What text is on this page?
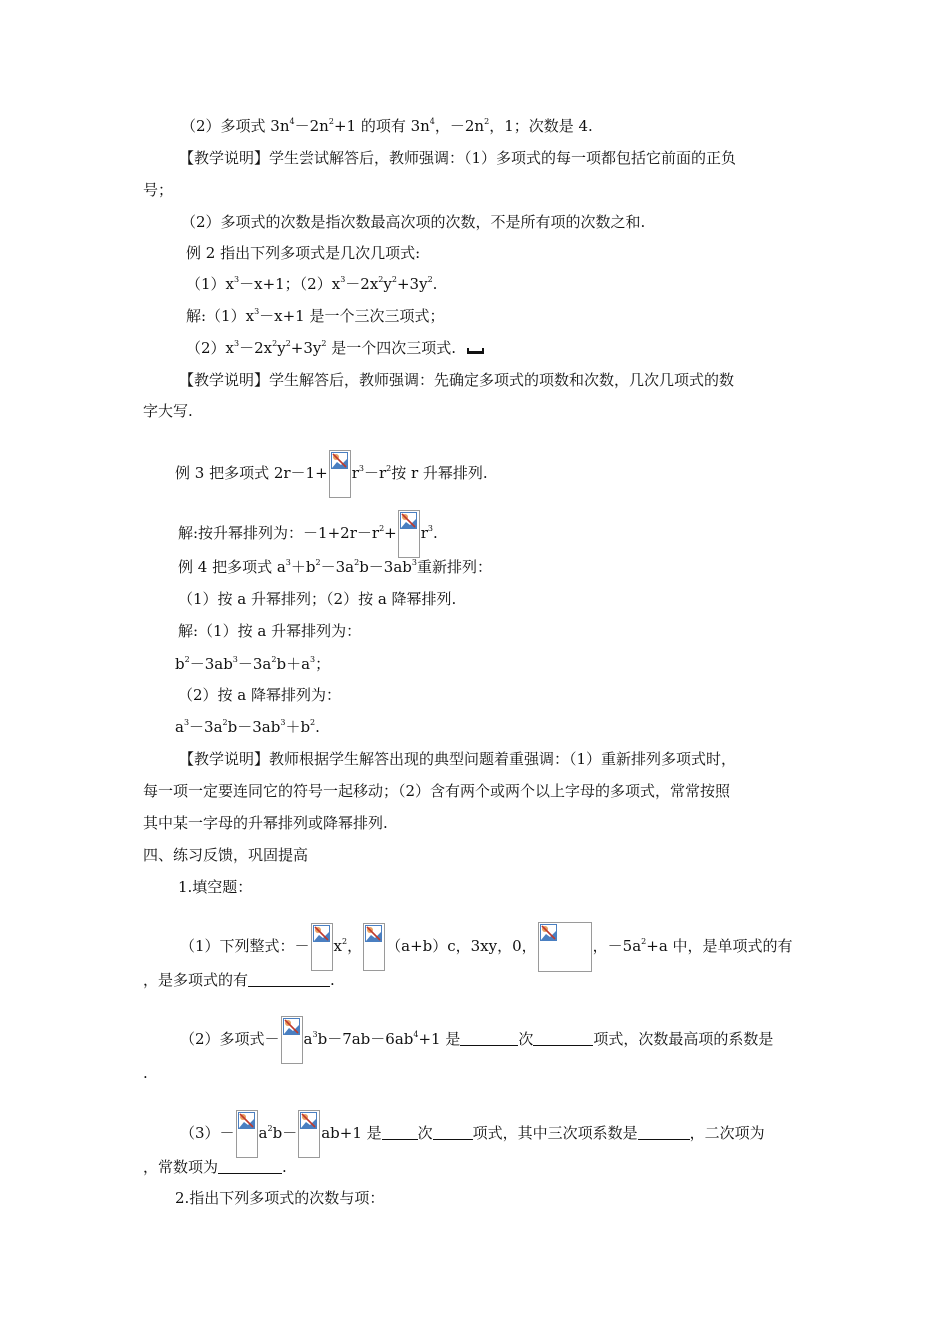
（2）多项式 $3n^4-2n^2+1$ 的项有 $3n^4$，$-2n^2$，1；次数是 4.
【教学说明】学生尝试解答后，教师强调：（1）多项式的每一项都包括它前面的正负
号；
（2）多项式的次数是指次数最高次项的次数，不是所有项的次数之和.
例 2 指出下列多项式是几次几项式:
$(1)x^3-x+1$；$(2)x^3-2x^2y^2+3y^2$.
解$:(1)x^3-x+1$ 是一个三次三项式；
$(2)x^3-2x^2y^2+3y^2$ 是一个四次三项式.
【教学说明】学生解答后，教师强调：先确定多项式的项数和次数，几次几项式的数
字大写.
例 3 把多项式 $2r-1+ r^3-r^2$按 r 升幂排列.
解:按升幂排列为：$-1+2r-r^2+ r^3$.
例 4 把多项式 $a^3+b^2-3a^2b-3ab^3$重新排列：
（1）按 a 升幂排列；（2）按 a 降幂排列.
解:（1）按 a 升幂排列为：
$b^2-3ab^3-3a^2b+a^3$；
（2）按 a 降幂排列为：
$a^3-3a^2b-3ab^3+b^2$.
【教学说明】教师根据学生解答出现的典型问题着重强调：（1）重新排列多项式时，
每一项一定要连同它的符号一起移动；（2）含有两个或两个以上字母的多项式，常常按照
其中某一字母的升幂排列或降幂排列.
四、练习反馈，巩固提高
1.填空题：
（1）下列整式：－ $x^2$， （a+b）c，3xy，0，	，$-5a^2+a$ 中，是单项式的有
，是多项式的有	.
（2）多项式－ $a^3b-7ab-6ab^4+1$ 是	次	项式，次数最高项的系数是
.
$(3)- a^2b- ab+1$ 是 次	项式，其中三次项系数是	，二次项为
，常数项为	.
2.指出下列多项式的次数与项：
